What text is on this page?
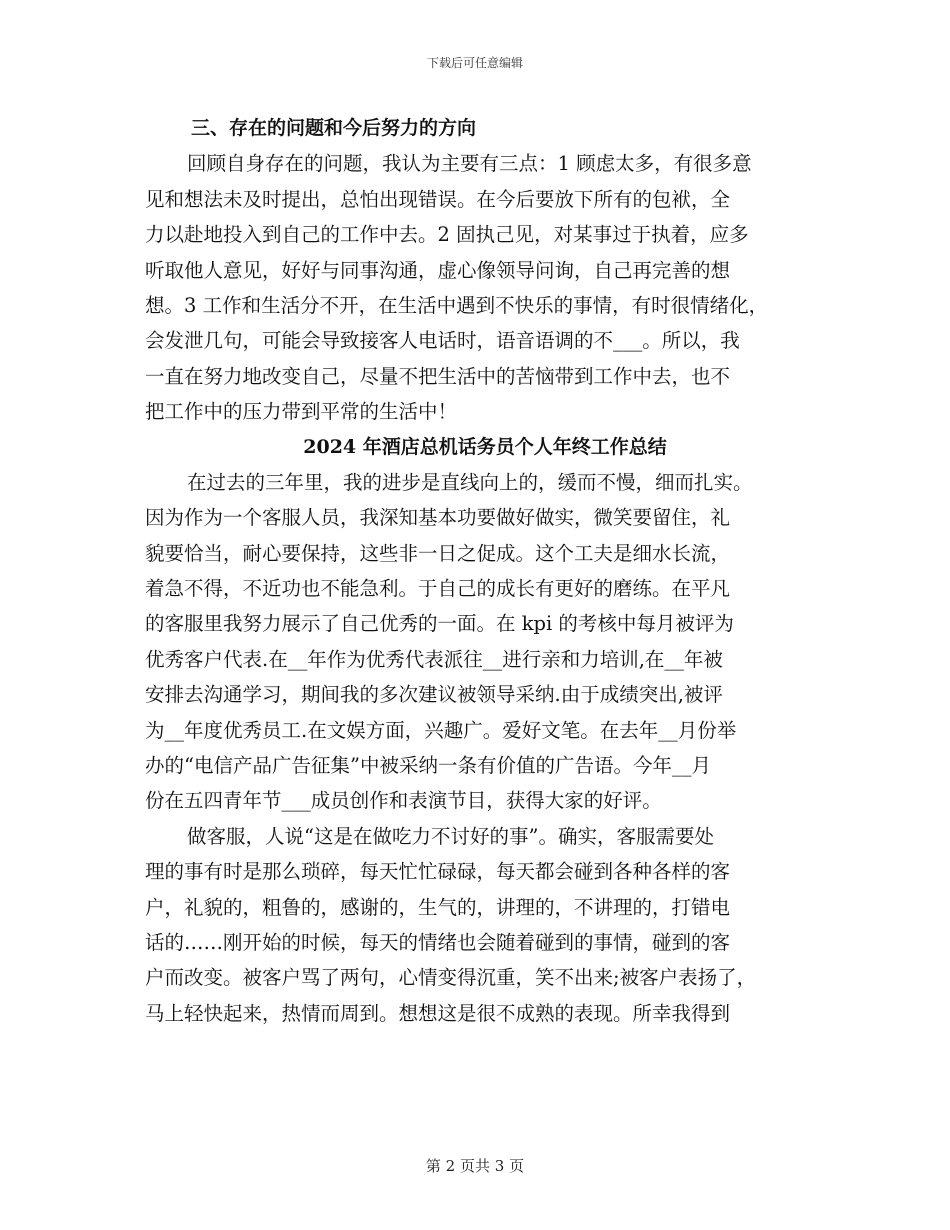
下载后可任意编辑
三、存在的问题和今后努力的方向
回顾自身存在的问题，我认为主要有三点：1 顾虑太多，有很多意
见和想法未及时提出，总怕出现错误。在今后要放下所有的包袱，全
力以赴地投入到自己的工作中去。2 固执己见，对某事过于执着，应多
听取他人意见，好好与同事沟通，虚心像领导问询，自己再完善的想
想。3 工作和生活分不开，在生活中遇到不快乐的事情，有时很情绪化，
会发泄几句，可能会导致接客人电话时，语音语调的不___。所以，我
一直在努力地改变自己，尽量不把生活中的苦恼带到工作中去，也不
把工作中的压力带到平常的生活中！
2024 年酒店总机话务员个人年终工作总结
在过去的三年里，我的进步是直线向上的，缓而不慢，细而扎实。
因为作为一个客服人员，我深知基本功要做好做实，微笑要留住，礼
貌要恰当，耐心要保持，这些非一日之促成。这个工夫是细水长流，
着急不得，不近功也不能急利。于自己的成长有更好的磨练。在平凡
的客服里我努力展示了自己优秀的一面。在 kpi 的考核中每月被评为
优秀客户代表.在__年作为优秀代表派往__进行亲和力培训,在__年被
安排去沟通学习，期间我的多次建议被领导采纳.由于成绩突出,被评
为__年度优秀员工.在文娱方面，兴趣广。爱好文笔。在去年__月份举
办的“电信产品广告征集”中被采纳一条有价值的广告语。今年__月
份在五四青年节___成员创作和表演节目，获得大家的好评。
做客服，人说“这是在做吃力不讨好的事”。确实，客服需要处
理的事有时是那么琐碎，每天忙忙碌碌，每天都会碰到各种各样的客
户，礼貌的，粗鲁的，感谢的，生气的，讲理的，不讲理的，打错电
话的……刚开始的时候，每天的情绪也会随着碰到的事情，碰到的客
户而改变。被客户骂了两句，心情变得沉重，笑不出来;被客户表扬了，
马上轻快起来，热情而周到。想想这是很不成熟的表现。所幸我得到
第 2 页共 3 页
